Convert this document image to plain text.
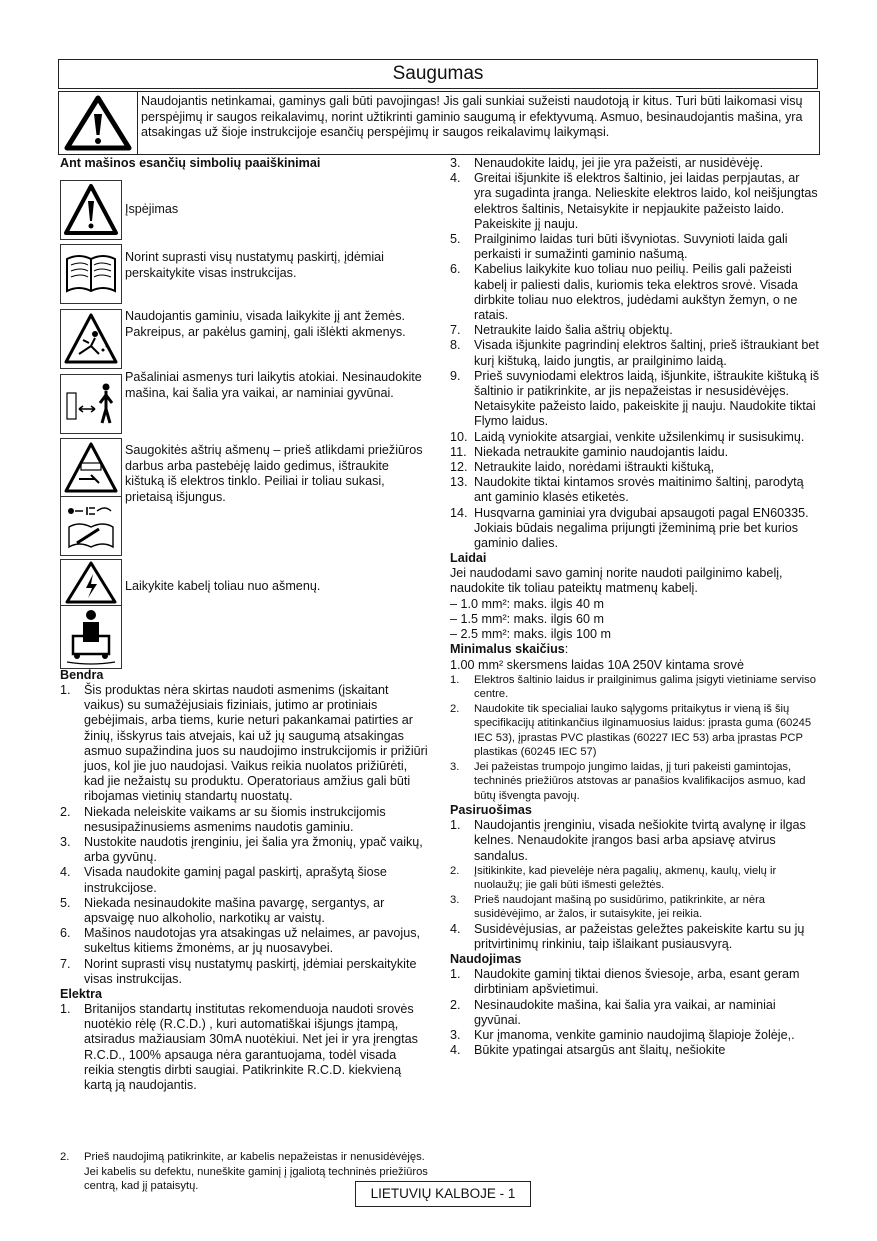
Saugumas
Naudojantis netinkamai, gaminys gali būti pavojingas! Jis gali sunkiai sužeisti naudotoją ir kitus. Turi būti laikomasi visų perspėjimų ir saugos reikalavimų, norint užtikrinti gaminio saugumą ir efektyvumą. Asmuo, besinaudojantis mašina, yra atsakingas už šioje instrukcijoje esančių perspėjimų ir saugos reikalavimų laikymąsi.
Ant mašinos esančių simbolių paaiškinimai
Įspėjimas
Norint suprasti visų nustatymų paskirtį, įdėmiai perskaitykite visas instrukcijas.
Naudojantis gaminiu, visada laikykite jį ant žemės. Pakreipus, ar pakėlus gaminį, gali išlėkti akmenys.
Pašaliniai asmenys turi laikytis atokiai. Nesinaudokite mašina, kai šalia yra vaikai, ar naminiai gyvūnai.
Saugokitės aštrių ašmenų – prieš atlikdami priežiūros darbus arba pastebėję laido gedimus, ištraukite kištuką iš elektros tinklo. Peiliai ir toliau sukasi, prietaisą išjungus.
Laikykite kabelį toliau nuo ašmenų.
Bendra
1. Šis produktas nėra skirtas naudoti asmenims (įskaitant vaikus) su sumažėjusiais fiziniais, jutimo ar protiniais gebėjimais, arba tiems, kurie neturi pakankamai patirties ar žinių, išskyrus tais atvejais, kai už jų saugumą atsakingas asmuo supažindina juos su naudojimo instrukcijomis ir prižiūri juos, kol jie juo naudojasi. Vaikus reikia nuolatos prižiūrėti, kad jie nežaistų su produktu. Operatoriaus amžius gali būti ribojamas vietinių standartų nuostatų.
2. Niekada neleiskite vaikams ar su šiomis instrukcijomis nesusipažinusiems asmenims naudotis gaminiu.
3. Nustokite naudotis įrenginiu, jei šalia yra žmonių, ypač vaikų, arba gyvūnų.
4. Visada naudokite gaminį pagal paskirtį, aprašytą šiose instrukcijose.
5. Niekada nesinaudokite mašina pavargę, sergantys, ar apsvaigę nuo alkoholio, narkotikų ar vaistų.
6. Mašinos naudotojas yra atsakingas už nelaimes, ar pavojus, sukeltus kitiems žmonėms, ar jų nuosavybei.
7. Norint suprasti visų nustatymų paskirtį, įdėmiai perskaitykite visas instrukcijas.
Elektra
1. Britanijos standartų institutas rekomenduoja naudoti srovės nuotėkio rėlę (R.C.D.) , kuri automatiškai išjungs įtampą, atsiradus mažiausiam 30mA nuotėkiui. Net jei ir yra įrengtas R.C.D., 100% apsauga nėra garantuojama, todėl visada reikia stengtis dirbti saugiai. Patikrinkite R.C.D. kiekvieną kartą ją naudojantis.
2. Prieš naudojimą patikrinkite, ar kabelis nepažeistas ir nenusidėvėjęs. Jei kabelis su defektu, nuneškite gaminį į įgaliotą techninės priežiūros centrą, kad jį pataisytų.
3. Nenaudokite laidų, jei jie yra pažeisti, ar nusidėvėję.
4. Greitai išjunkite iš elektros šaltinio, jei laidas perpjautas, ar yra sugadinta įranga. Nelieskite elektros laido, kol neišjungtas elektros šaltinis, Netaisykite ir nepjaukite pažeisto laido. Pakeiskite jį nauju.
5. Prailginimo laidas turi būti išvyniotas. Suvynioti laida gali perkaisti ir sumažinti gaminio našumą.
6. Kabelius laikykite kuo toliau nuo peilių. Peilis gali pažeisti kabelį ir paliesti dalis, kuriomis teka elektros srovė. Visada dirbkite toliau nuo elektros, judėdami aukštyn žemyn, o ne ratais.
7. Netraukite laido šalia aštrių objektų.
8. Visada išjunkite pagrindinį elektros šaltinį, prieš ištraukiant bet kurį kištuką, laido jungtis, ar prailginimo laidą.
9. Prieš suvyniodami elektros laidą, išjunkite, ištraukite kištuką iš šaltinio ir patikrinkite, ar jis nepažeistas ir nesusidėvėjęs. Netaisykite pažeisto laido, pakeiskite jį nauju. Naudokite tiktai Flymo laidus.
10. Laidą vyniokite atsargiai, venkite užsilenkimų ir susisukimų.
11. Niekada netraukite gaminio naudojantis laidu.
12. Netraukite laido, norėdami ištraukti kištuką,
13. Naudokite tiktai kintamos srovės maitinimo šaltinį, parodytą ant gaminio klasės etiketės.
14. Husqvarna gaminiai yra dvigubai apsaugoti pagal EN60335. Jokiais būdais negalima prijungti įžeminimą prie bet kurios gaminio dalies.
Laidai
Jei naudodami savo gaminį norite naudoti pailginimo kabelį, naudokite tik toliau pateiktų matmenų kabelį.
– 1.0 mm²: maks. ilgis 40 m
– 1.5 mm²: maks. ilgis 60 m
– 2.5 mm²: maks. ilgis 100 m
Minimalus skaičius:
1.00 mm² skersmens laidas 10A 250V kintama srovė
1. Elektros šaltinio laidus ir prailginimus galima įsigyti vietiniame serviso centre.
2. Naudokite tik specialiai lauko sąlygoms pritaikytus ir vieną iš šių specifikacijų atitinkančius ilginamuosius laidus: įprasta guma (60245 IEC 53), įprastas PVC plastikas (60227 IEC 53) arba įprastas PCP plastikas (60245 IEC 57)
3. Jei pažeistas trumpojo jungimo laidas, jį turi pakeisti gamintojas, techninės priežiūros atstovas ar panašios kvalifikacijos asmuo, kad būtų išvengta pavojų.
Pasiruošimas
1. Naudojantis įrenginiu, visada nešiokite tvirtą avalynę ir ilgas kelnes. Nenaudokite įrangos basi arba apsiavę atvirus sandalus.
2. Įsitikinkite, kad pievelėje nėra pagalių, akmenų, kaulų, vielų ir nuolaužų; jie gali būti išmesti geležtės.
3. Prieš naudojant mašiną po susidūrimo, patikrinkite, ar nėra susidėvėjimo, ar žalos, ir sutaisykite, jei reikia.
4. Susidėvėjusias, ar pažeistas geležtes pakeiskite kartu su jų pritvirtinimų rinkiniu, taip išlaikant pusiausvyrą.
Naudojimas
1. Naudokite gaminį tiktai dienos šviesoje, arba, esant geram dirbtiniam apšvietimui.
2. Nesinaudokite mašina, kai šalia yra vaikai, ar naminiai gyvūnai.
3. Kur įmanoma, venkite gaminio naudojimą šlapioje žolėje,.
4. Būkite ypatingai atsargūs ant šlaitų, nešiokite
LIETUVIŲ KALBOJE - 1
